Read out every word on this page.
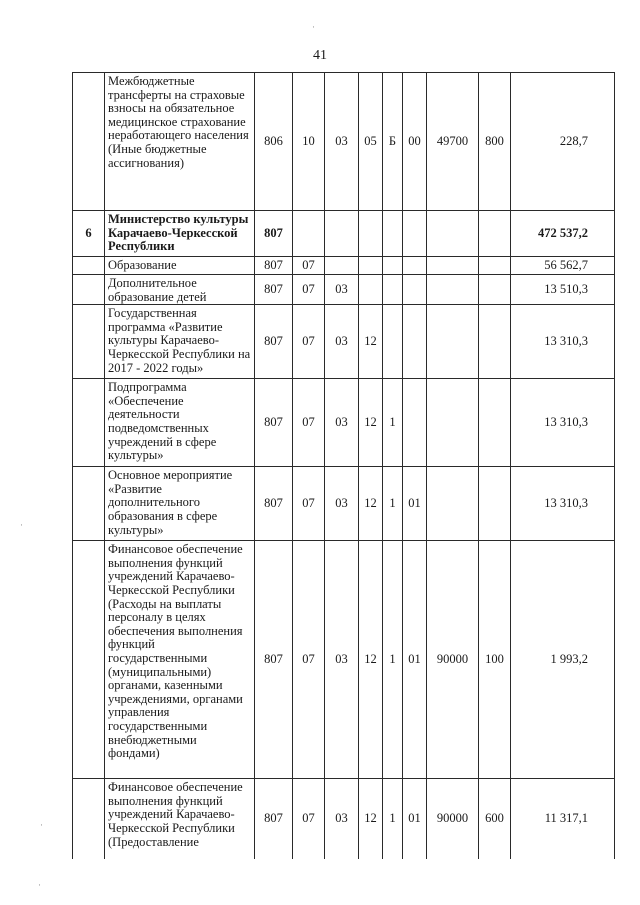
41
	Межбюджетные трансферты на страховые взносы на обязательное медицинское страхование неработающего населения (Иные бюджетные ассигнования)	806	10	03	05	Б	00	49700	800	228,7
6	Министерство культуры Карачаево-Черкесской Республики	807								472 537,2
	Образование	807	07							56 562,7
	Дополнительное образование детей	807	07	03						13 510,3
	Государственная программа «Развитие культуры Карачаево-Черкесской Республики на 2017 - 2022 годы»	807	07	03	12					13 310,3
	Подпрограмма «Обеспечение деятельности подведомственных учреждений в сфере культуры»	807	07	03	12	1				13 310,3
	Основное мероприятие «Развитие дополнительного образования в сфере культуры»	807	07	03	12	1	01			13 310,3
	Финансовое обеспечение выполнения функций учреждений Карачаево-Черкесской Республики (Расходы на выплаты персоналу в целях обеспечения выполнения функций государственными (муниципальными) органами, казенными учреждениями, органами управления государственными внебюджетными фондами)	807	07	03	12	1	01	90000	100	1 993,2
	Финансовое обеспечение выполнения функций учреждений Карачаево-Черкесской Республики (Предоставление	807	07	03	12	1	01	90000	600	11 317,1
·
·
·
·
